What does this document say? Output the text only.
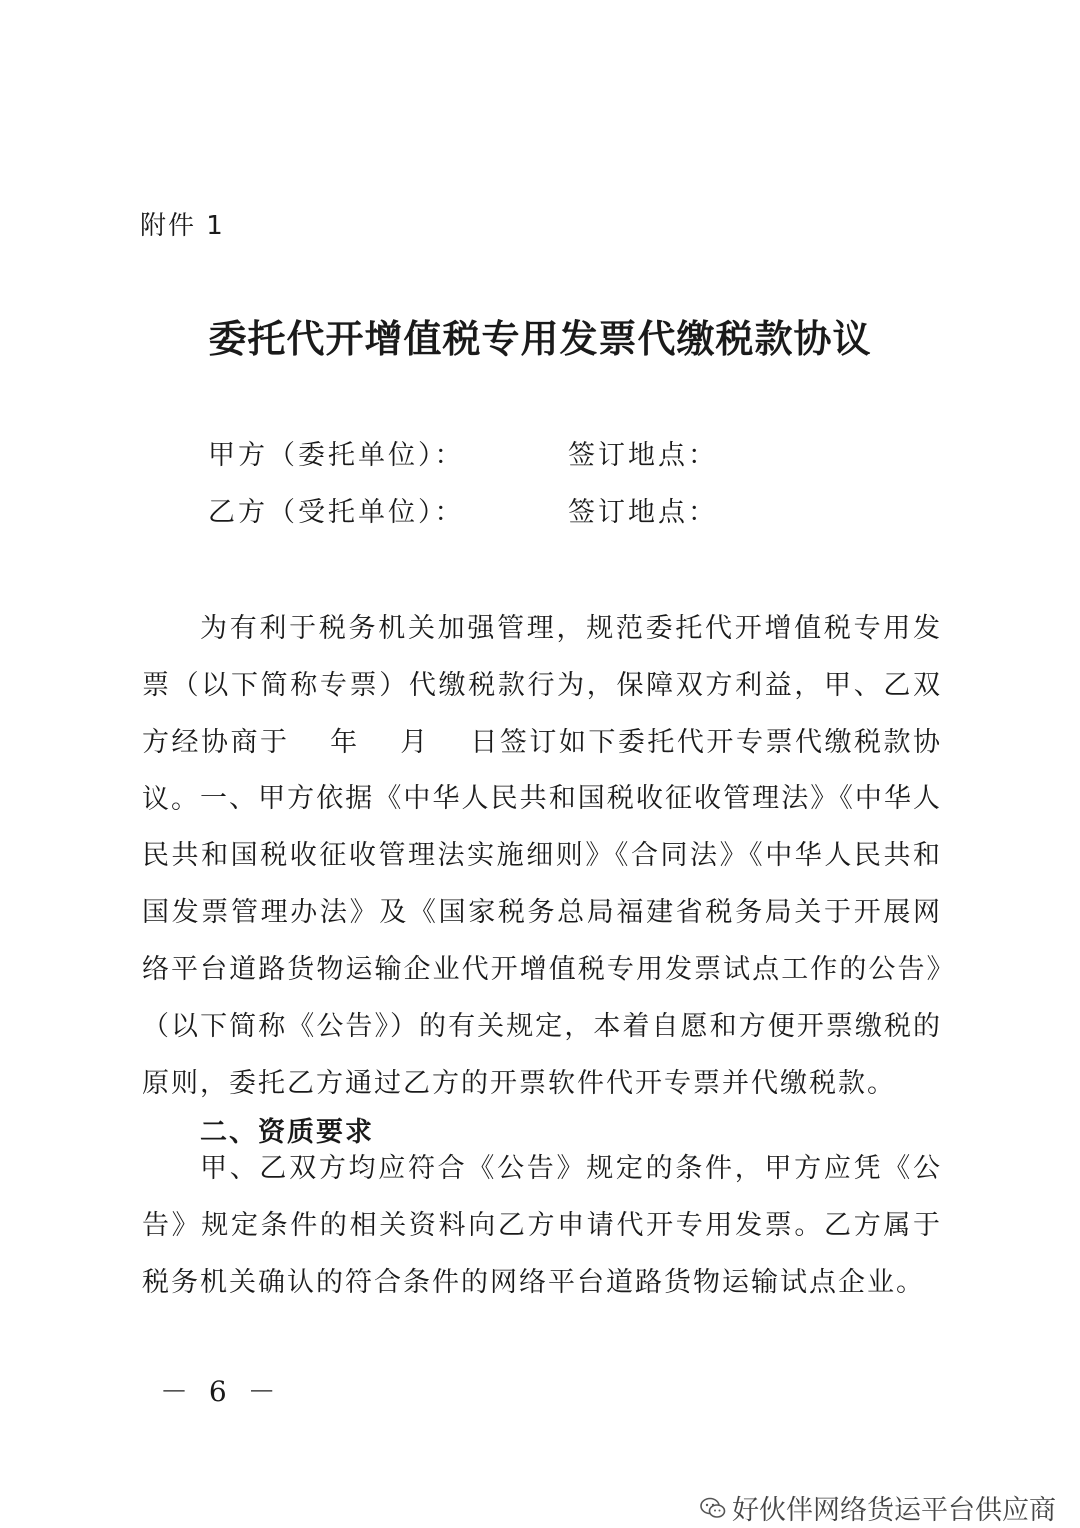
附件 1
委托代开增值税专用发票代缴税款协议
甲方（委托单位）：	签订地点：
乙方（受托单位）：	签订地点：

为有利于税务机关加强管理，规范委托代开增值税专用发票（以下简称专票）代缴税款行为，保障双方利益，甲、乙双方经协商于　 年　 月　 日签订如下委托代开专票代缴税款协议。 一、甲方依据《中华人民共和国税收征收管理法》《中华人民共和国税收征收管理法实施细则》《合同法》《中华人民共和国发票管理办法》及《国家税务总局福建省税务局关于开展网络平台道路货物运输企业代开增值税专用发票试点工作的公告》（以下简称《公告》）的有关规定，本着自愿和方便开票缴税的原则，委托乙方通过乙方的开票软件代开专票并代缴税款。

二、资质要求

甲、乙双方均应符合《公告》规定的条件，甲方应凭《公告》规定条件的相关资料向乙方申请代开专用发票。乙方属于税务机关确认的符合条件的网络平台道路货物运输试点企业。

－ 6 －
好伙伴网络货运平台供应商
